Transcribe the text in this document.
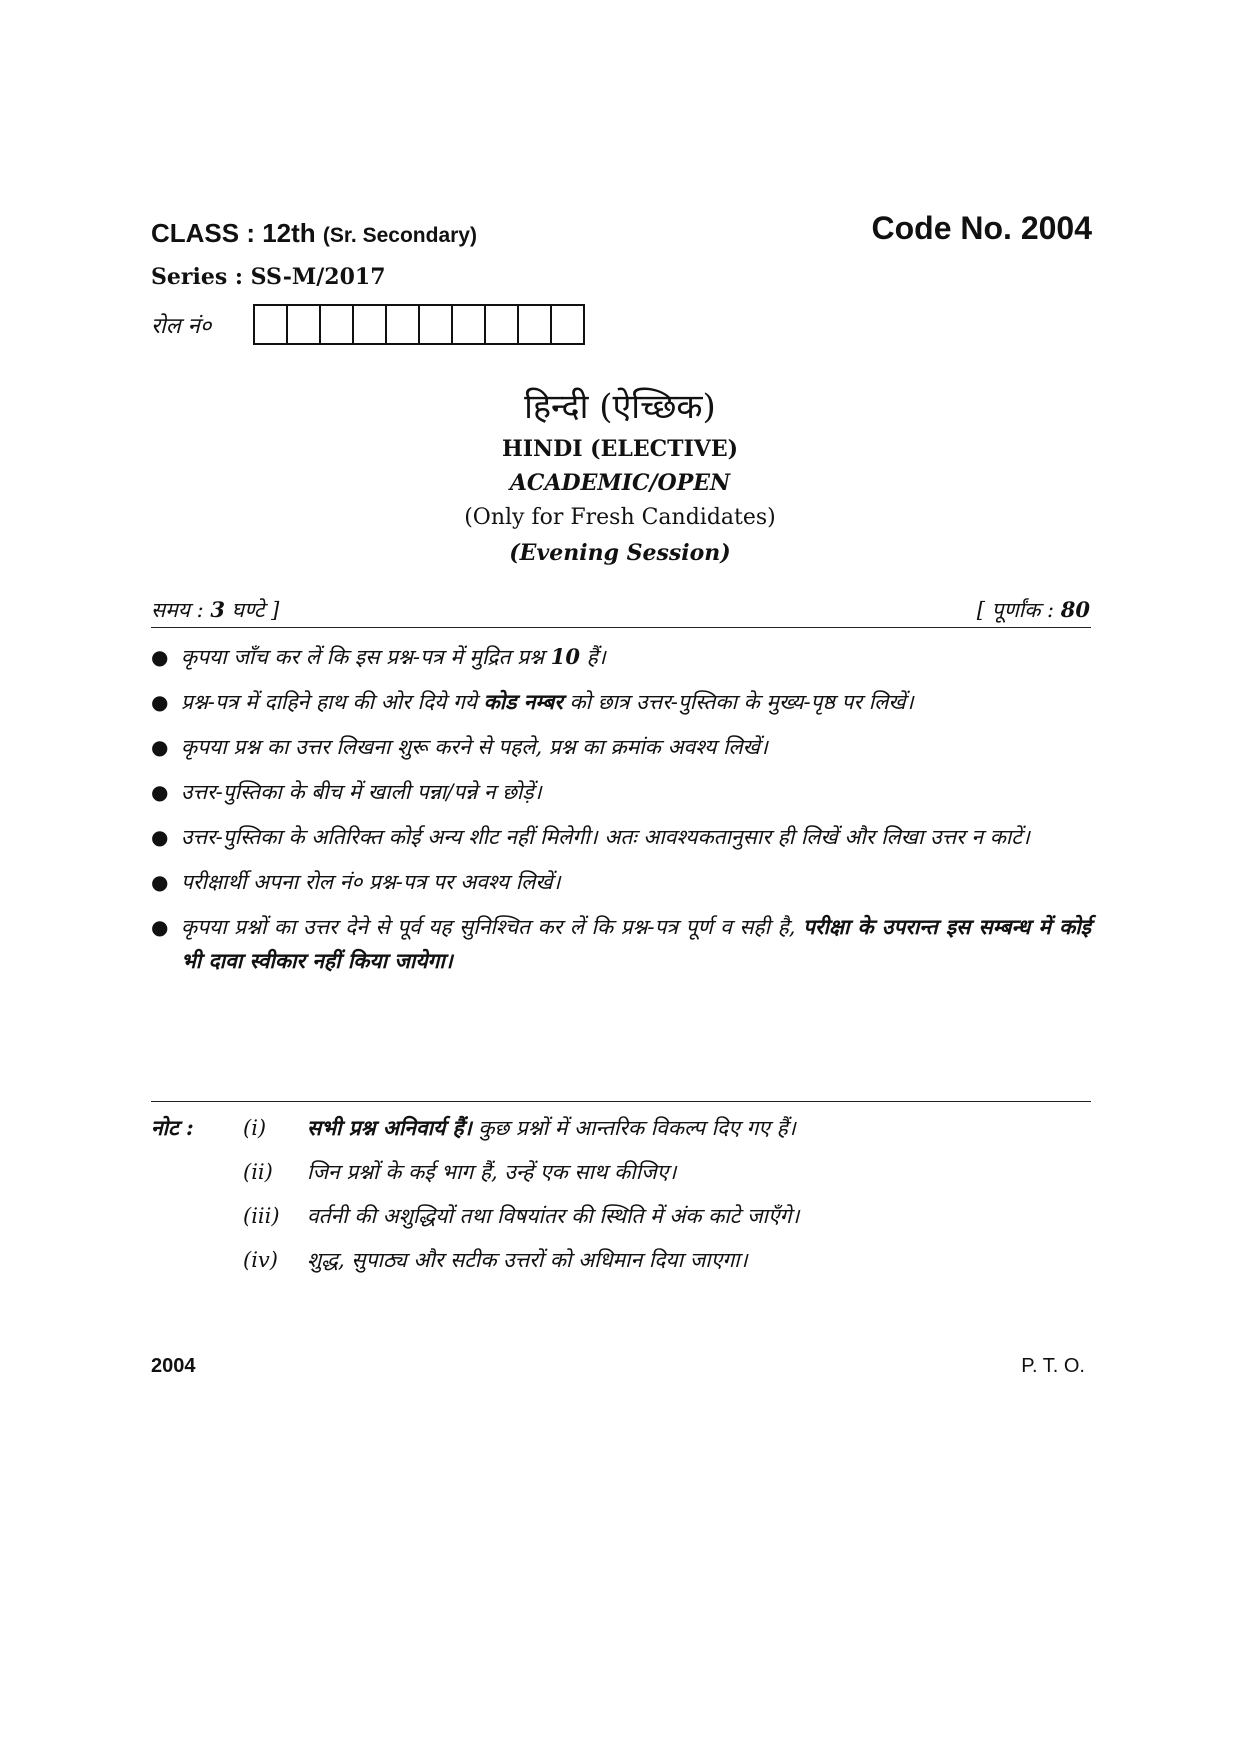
CLASS : 12th (Sr. Secondary)	Code No. 2004
Series : SS-M/2017
रोल नं०
हिन्दी (ऐच्छिक)
HINDI (ELECTIVE)
ACADEMIC/OPEN
(Only for Fresh Candidates)
(Evening Session)
समय : 3 घण्टे ]	[ पूर्णांक : 80
● कृपया जाँच कर लें कि इस प्रश्न-पत्र में मुद्रित प्रश्न 10 हैं।
● प्रश्न-पत्र में दाहिने हाथ की ओर दिये गये कोड नम्बर को छात्र उत्तर-पुस्तिका के मुख्य-पृष्ठ पर लिखें।
● कृपया प्रश्न का उत्तर लिखना शुरू करने से पहले, प्रश्न का क्रमांक अवश्य लिखें।
● उत्तर-पुस्तिका के बीच में खाली पन्ना/पन्ने न छोड़ें।
● उत्तर-पुस्तिका के अतिरिक्त कोई अन्य शीट नहीं मिलेगी। अतः आवश्यकतानुसार ही लिखें और लिखा उत्तर न काटें।
● परीक्षार्थी अपना रोल नं० प्रश्न-पत्र पर अवश्य लिखें।
● कृपया प्रश्नों का उत्तर देने से पूर्व यह सुनिश्चित कर लें कि प्रश्न-पत्र पूर्ण व सही है, परीक्षा के उपरान्त इस सम्बन्ध में कोई भी दावा स्वीकार नहीं किया जायेगा।
नोट :	(i)	सभी प्रश्न अनिवार्य हैं। कुछ प्रश्नों में आन्तरिक विकल्प दिए गए हैं।
(ii)	जिन प्रश्नों के कई भाग हैं, उन्हें एक साथ कीजिए।
(iii)	वर्तनी की अशुद्धियों तथा विषयांतर की स्थिति में अंक काटे जाएँगे।
(iv)	शुद्ध, सुपाठ्य और सटीक उत्तरों को अधिमान दिया जाएगा।
2004	P. T. O.
